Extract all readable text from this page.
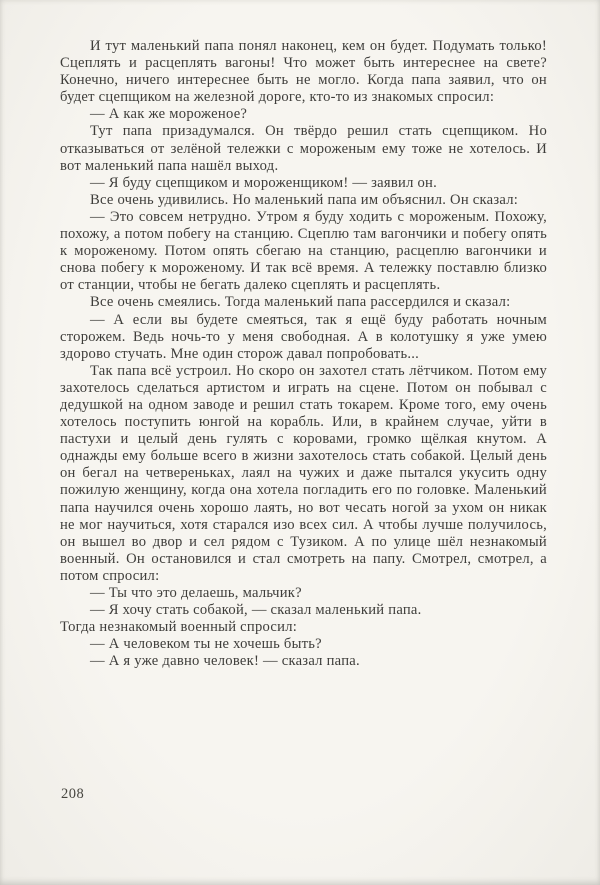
И тут маленький папа понял наконец, кем он будет. Подумать только! Сцеплять и расцеплять вагоны! Что может быть интереснее на свете? Конечно, ничего интереснее быть не могло. Когда папа заявил, что он будет сцепщиком на железной дороге, кто-то из знакомых спросил:

— А как же мороженое?

Тут папа призадумался. Он твёрдо решил стать сцепщиком. Но отказываться от зелёной тележки с мороженым ему тоже не хотелось. И вот маленький папа нашёл выход.

— Я буду сцепщиком и мороженщиком! — заявил он.

Все очень удивились. Но маленький папа им объяснил. Он сказал:

— Это совсем нетрудно. Утром я буду ходить с мороженым. Похожу, похожу, а потом побегу на станцию. Сцеплю там вагончики и побегу опять к мороженому. Потом опять сбегаю на станцию, расцеплю вагончики и снова побегу к мороженому. И так всё время. А тележку поставлю близко от станции, чтобы не бегать далеко сцеплять и расцеплять.

Все очень смеялись. Тогда маленький папа рассердился и сказал:

— А если вы будете смеяться, так я ещё буду работать ночным сторожем. Ведь ночь-то у меня свободная. А в колотушку я уже умею здорово стучать. Мне один сторож давал попробовать...

Так папа всё устроил. Но скоро он захотел стать лётчиком. Потом ему захотелось сделаться артистом и играть на сцене. Потом он побывал с дедушкой на одном заводе и решил стать токарем. Кроме того, ему очень хотелось поступить юнгой на корабль. Или, в крайнем случае, уйти в пастухи и целый день гулять с коровами, громко щёлкая кнутом. А однажды ему больше всего в жизни захотелось стать собакой. Целый день он бегал на четвереньках, лаял на чужих и даже пытался укусить одну пожилую женщину, когда она хотела погладить его по головке. Маленький папа научился очень хорошо лаять, но вот чесать ногой за ухом он никак не мог научиться, хотя старался изо всех сил. А чтобы лучше получилось, он вышел во двор и сел рядом с Тузиком. А по улице шёл незнакомый военный. Он остановился и стал смотреть на папу. Смотрел, смотрел, а потом спросил:

— Ты что это делаешь, мальчик?

— Я хочу стать собакой, — сказал маленький папа.

Тогда незнакомый военный спросил:

— А человеком ты не хочешь быть?

— А я уже давно человек! — сказал папа.

208
